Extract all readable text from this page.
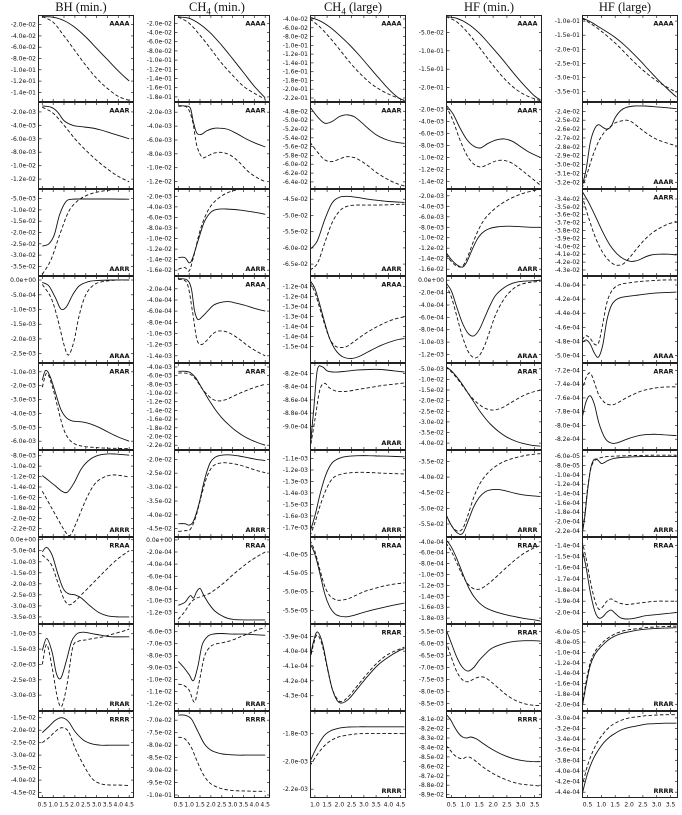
BH (min.)
-2.0e-02
-4.0e-02
-6.0e-02
-8.0e-02
-1.0e-01
-1.2e-01
-1.4e-01
AAAA
-2.0e-03
-4.0e-03
-6.0e-03
-8.0e-03
-1.0e-02
-1.2e-02
AAAR
-5.0e-03
-1.0e-02
-1.5e-02
-2.0e-02
-2.5e-02
-3.0e-02
-3.5e-02	AARR
0.0e+00
-5.0e-04
-1.0e-03
-1.5e-03
-2.0e-03
-2.5e-03	ARAA
-1.0e-03
-2.0e-03
-3.0e-03
-4.0e-03
-5.0e-03
-6.0e-03
ARAR
-8.0e-03
-1.0e-02
-1.2e-02
-1.4e-02
-1.6e-02
-1.8e-02
-2.0e-02
-2.2e-02	ARRR
0.0e+00
-5.0e-04
-1.0e-03
-1.5e-03
-2.0e-03
-2.5e-03
-3.0e-03
-3.5e-03
RRAA
-1.0e-03
-1.5e-03
-2.0e-03
-2.5e-03
-3.0e-03
RRAR
-1.5e-02
-2.0e-02
-2.5e-02
-3.0e-02
-3.5e-02
-4.0e-02
-4.5e-02
RRRR
0.5 1.0 1.5 2.0 2.5 3.0 3.5 4.0 4.5
$CH_4$ (min.)
-2.0e-02
-4.0e-02
-6.0e-02
-8.0e-02
-1.0e-01
-1.2e-01
-1.4e-01
-1.6e-01
-1.8e-01
AAAA
-2.0e-03
-4.0e-03
-6.0e-03
-8.0e-03
-1.0e-02
-1.2e-02
AAAR
-2.0e-03
-4.0e-03
-6.0e-03
-8.0e-03
-1.0e-02
-1.2e-02
-1.4e-02
-1.6e-02	AARR
-2.0e-04
-4.0e-04
-6.0e-04
-8.0e-04
-1.0e-03
-1.2e-03
-1.4e-03
ARAA
-4.0e-03
-6.0e-03
-8.0e-03
-1.0e-02
-1.2e-02
-1.4e-02
-1.6e-02
-1.8e-02
-2.0e-02
-2.2e-02
ARAR
-2.0e-02
-2.5e-02
-3.0e-02
-3.5e-02
-4.0e-02
-4.5e-02	ARRR
0.0e+00
-2.0e-04
-4.0e-04
-6.0e-04
-8.0e-04
-1.0e-03
-1.2e-03
RRAA
-6.0e-03
-7.0e-03
-8.0e-03
-9.0e-03
-1.0e-02
-1.1e-02
-1.2e-02	RRAR
-7.0e-02
-7.5e-02
-8.0e-02
-8.5e-02
-9.0e-02
-9.5e-02
-1.0e-01
RRRR
0.5 1.0 1.5 2.0 2.5 3.0 3.5 4.0 4.5
$CH_4$ (large)
-4.0e-02
-6.0e-02
-8.0e-02
-1.0e-01
-1.2e-01
-1.4e-01
-1.6e-01
-1.8e-01
-2.0e-01
-2.2e-01
AAAA
-4.8e-02
-5.0e-02
-5.2e-02
-5.4e-02
-5.6e-02
-5.8e-02
-6.0e-02
-6.2e-02
-6.4e-02
AAAR
-4.5e-02
-5.0e-02
-5.5e-02
-6.0e-02
-6.5e-02
AARR
-1.2e-04
-1.2e-04
-1.3e-04
-1.3e-04
-1.4e-04
-1.4e-04
-1.5e-04
ARAA
-8.2e-04
-8.4e-04
-8.6e-04
-8.8e-04
-9.0e-04
ARAR
-1.1e-03
-1.2e-03
-1.3e-03
-1.4e-03
-1.5e-03
-1.6e-03
-1.7e-03	ARRR
-4.0e-05
-4.5e-05
-5.0e-05
-5.5e-05
RRAA
-3.9e-04
-4.0e-04
-4.1e-04
-4.2e-04
-4.3e-04
RRAR
-1.8e-03
-2.0e-03
-2.2e-03	RRRR
1.0 1.5 2.0 2.5 3.0 3.5 4.0 4.5
HF (min.)
-5.0e-02
-1.0e-01
-1.5e-01
-2.0e-01
AAAA
-2.0e-03
-4.0e-03
-6.0e-03
-8.0e-03
-1.0e-02
-1.2e-02
-1.4e-02
AAAR
-2.0e-03
-4.0e-03
-6.0e-03
-8.0e-03
-1.0e-02
-1.2e-02
-1.4e-02
-1.6e-02	AARR
0.0e+00
-2.0e-04
-4.0e-04
-6.0e-04
-8.0e-04
-1.0e-03
-1.2e-03	ARAA
-5.0e-03
-1.0e-02
-1.5e-02
-2.0e-02
-2.5e-02
-3.0e-02
-3.5e-02
-4.0e-02
ARAR
-3.5e-02
-4.0e-02
-4.5e-02
-5.0e-02
-5.5e-02
ARRR
-4.0e-04
-6.0e-04
-8.0e-04
-1.0e-03
-1.2e-03
-1.4e-03
-1.6e-03
-1.8e-03
RRAA
-5.5e-03
-6.0e-03
-6.5e-03
-7.0e-03
-7.5e-03
-8.0e-03
-8.5e-03
RRAR
-8.1e-02
-8.2e-02
-8.3e-02
-8.4e-02
-8.5e-02
-8.6e-02
-8.7e-02
-8.8e-02
-8.9e-02
RRRR
0.5 1.0 1.5 2.0 2.5 3.0 3.5
HF (large)
-1.0e-01
-1.5e-01
-2.0e-01
-2.5e-01
-3.0e-01
-3.5e-01
AAAA
-2.4e-02
-2.5e-02
-2.6e-02
-2.7e-02
-2.8e-02
-2.9e-02
-3.0e-02
-3.1e-02
-3.2e-02	AAAR
-3.4e-02
-3.5e-02
-3.6e-02
-3.7e-02
-3.8e-02
-3.9e-02
-4.0e-02
-4.1e-02
-4.2e-02
-4.3e-02
AARR
-4.0e-04
-4.2e-04
-4.4e-04
-4.6e-04
-4.8e-04
-5.0e-04	ARAA
-7.2e-04
-7.4e-04
-7.6e-04
-7.8e-04
-8.0e-04
-8.2e-04
ARAR
-6.0e-05
-8.0e-05
-1.0e-04
-1.2e-04
-1.4e-04
-1.6e-04
-1.8e-04
-2.0e-04
-2.2e-04	ARRR
-1.4e-04
-1.5e-04
-1.6e-04
-1.7e-04
-1.8e-04
-1.9e-04
-2.0e-04
RRAA
-6.0e-05
-8.0e-05
-1.0e-04
-1.2e-04
-1.4e-04
-1.6e-04
-1.8e-04
-2.0e-04	RRAR
-3.0e-04
-3.2e-04
-3.4e-04
-3.6e-04
-3.8e-04
-4.0e-04
-4.2e-04
-4.4e-04	RRRR
0.5 1.0 1.5 2.0 2.5 3.0 3.5
